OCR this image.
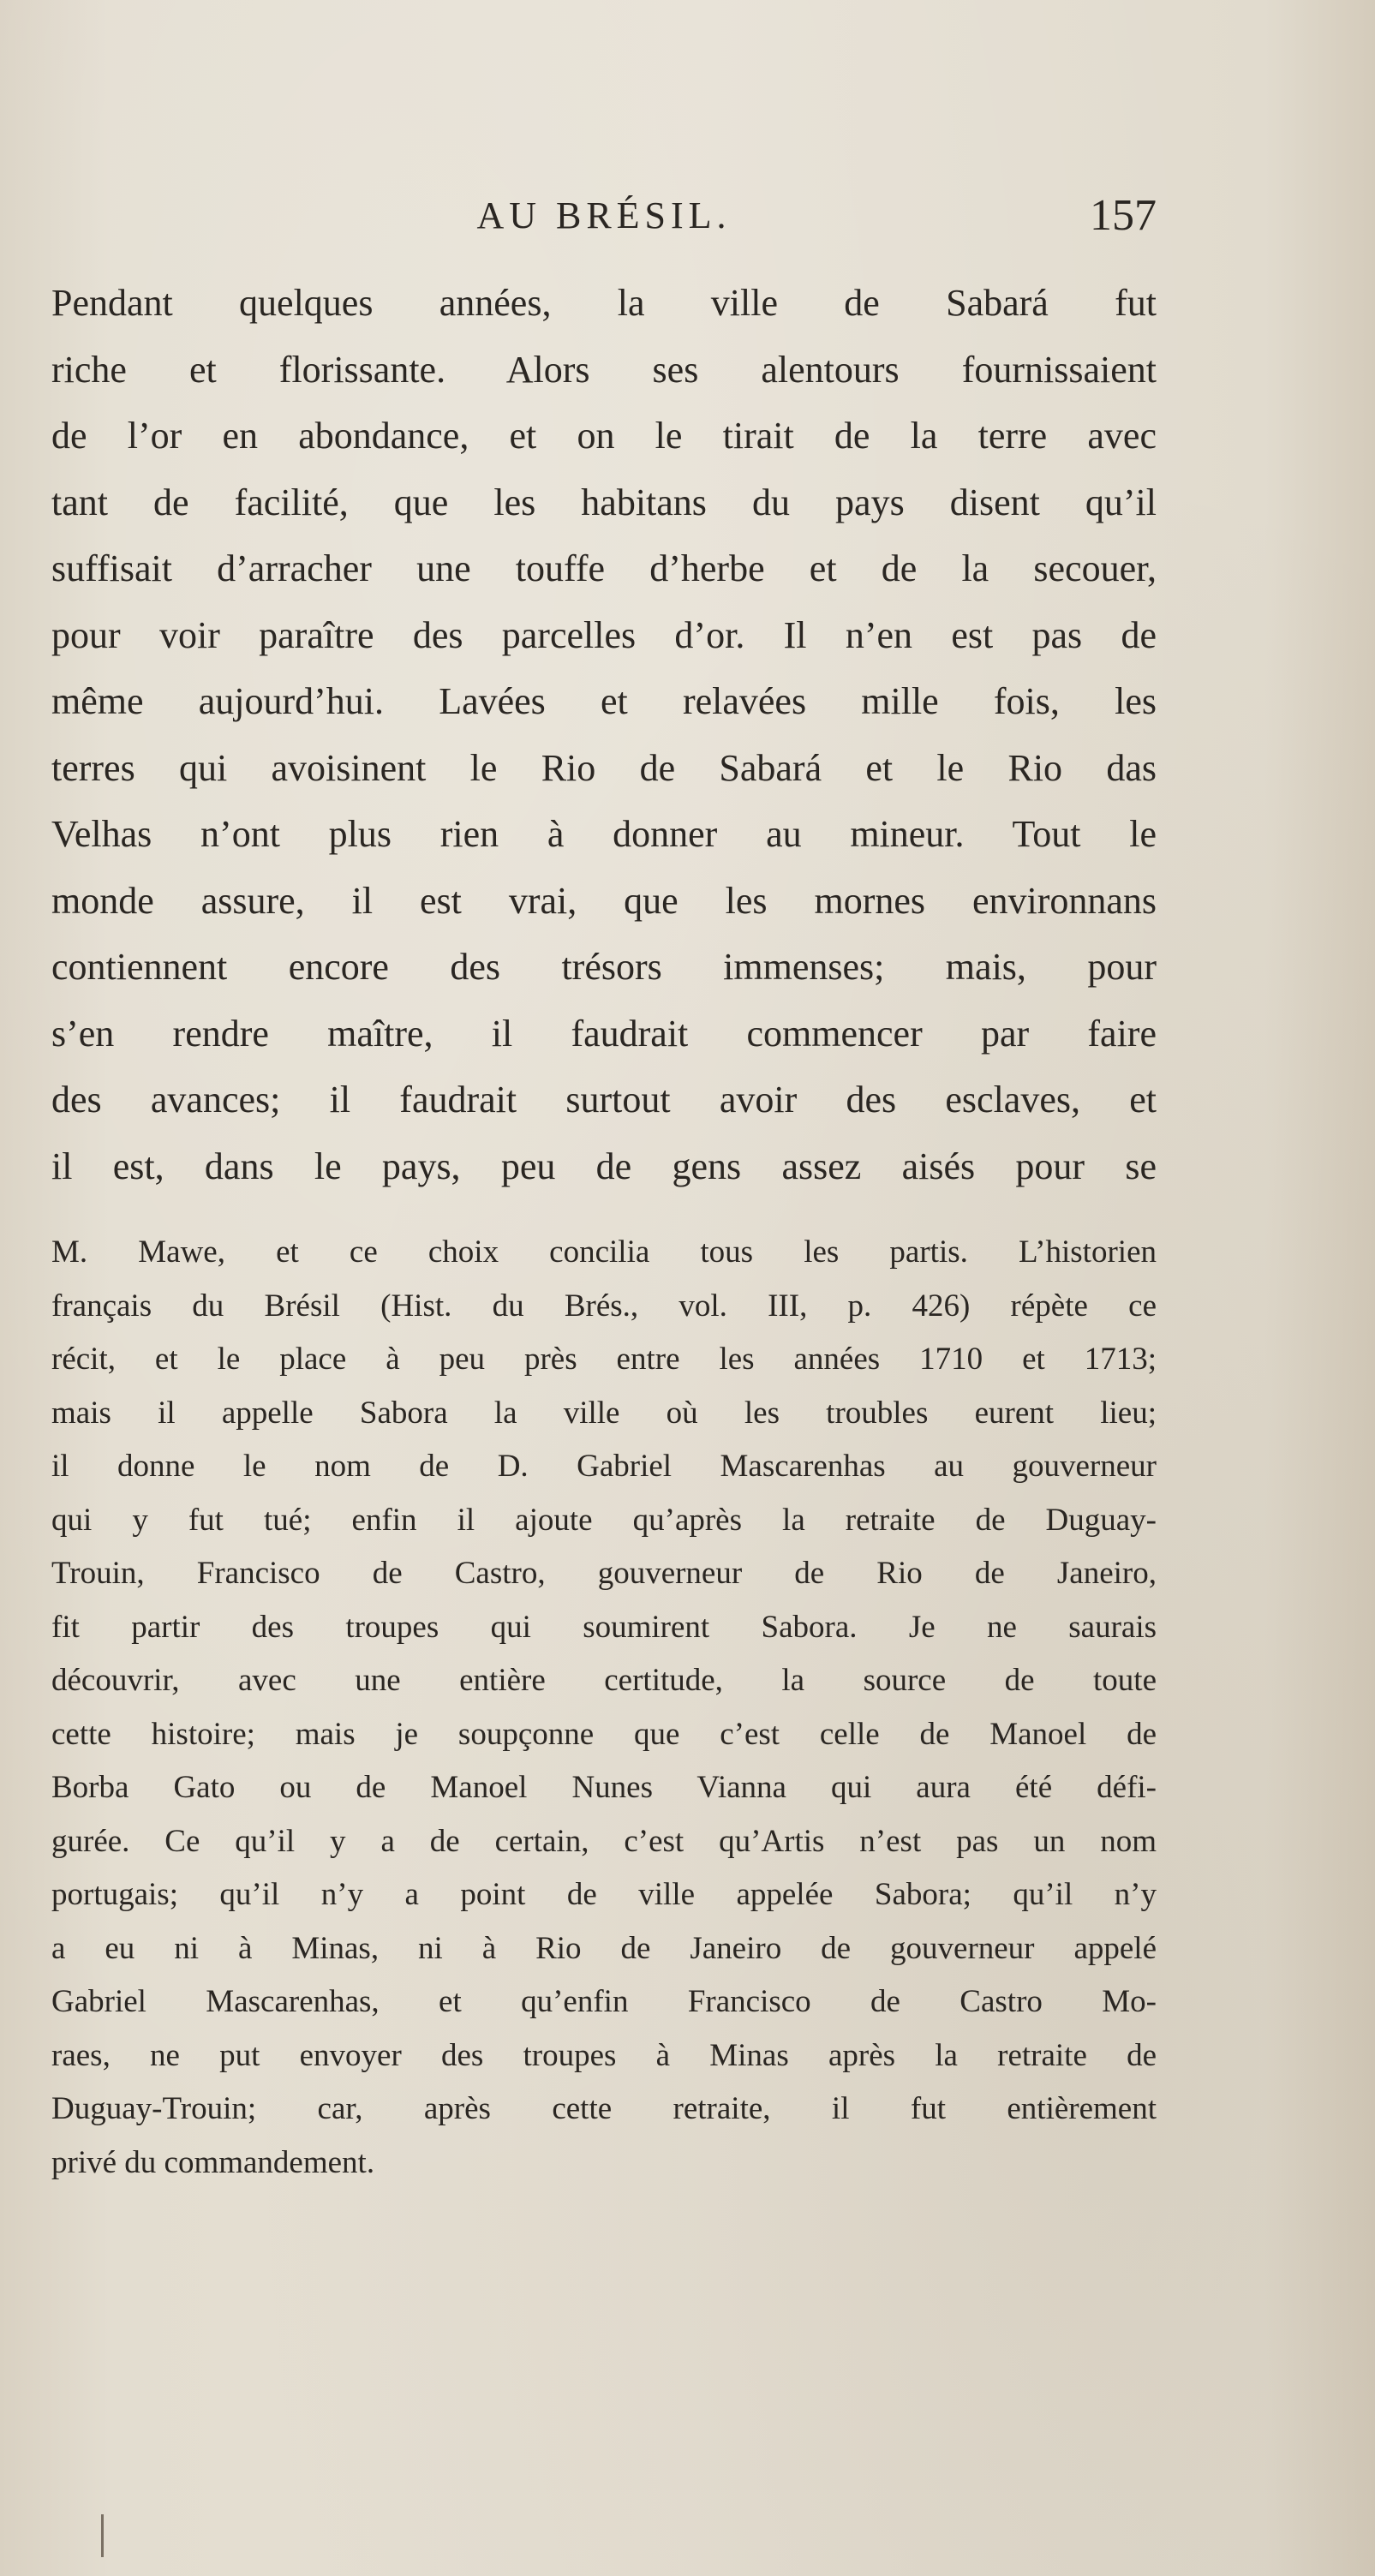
AU BRÉSIL.	157
Pendant quelques années, la ville de Sabará fut
riche et florissante. Alors ses alentours fournissaient
de l’or en abondance, et on le tirait de la terre avec
tant de facilité, que les habitans du pays disent qu’il
suffisait d’arracher une touffe d’herbe et de la secouer,
pour voir paraître des parcelles d’or. Il n’en est pas de
même aujourd’hui. Lavées et relavées mille fois, les
terres qui avoisinent le Rio de Sabará et le Rio das
Velhas n’ont plus rien à donner au mineur. Tout le
monde assure, il est vrai, que les mornes environnans
contiennent encore des trésors immenses; mais, pour
s’en rendre maître, il faudrait commencer par faire
des avances; il faudrait surtout avoir des esclaves, et
il est, dans le pays, peu de gens assez aisés pour se
M. Mawe, et ce choix concilia tous les partis. L’historien
français du Brésil (Hist. du Brés., vol. III, p. 426) répète ce
récit, et le place à peu près entre les années 1710 et 1713;
mais il appelle Sabora la ville où les troubles eurent lieu;
il donne le nom de D. Gabriel Mascarenhas au gouverneur
qui y fut tué; enfin il ajoute qu’après la retraite de Duguay-
Trouin, Francisco de Castro, gouverneur de Rio de Janeiro,
fit partir des troupes qui soumirent Sabora. Je ne saurais
découvrir, avec une entière certitude, la source de toute
cette histoire; mais je soupçonne que c’est celle de Manoel de
Borba Gato ou de Manoel Nunes Vianna qui aura été défi-
gurée. Ce qu’il y a de certain, c’est qu’Artis n’est pas un nom
portugais; qu’il n’y a point de ville appelée Sabora; qu’il n’y
a eu ni à Minas, ni à Rio de Janeiro de gouverneur appelé
Gabriel Mascarenhas, et qu’enfin Francisco de Castro Mo-
raes, ne put envoyer des troupes à Minas après la retraite de
Duguay-Trouin; car, après cette retraite, il fut entièrement
privé du commandement.
